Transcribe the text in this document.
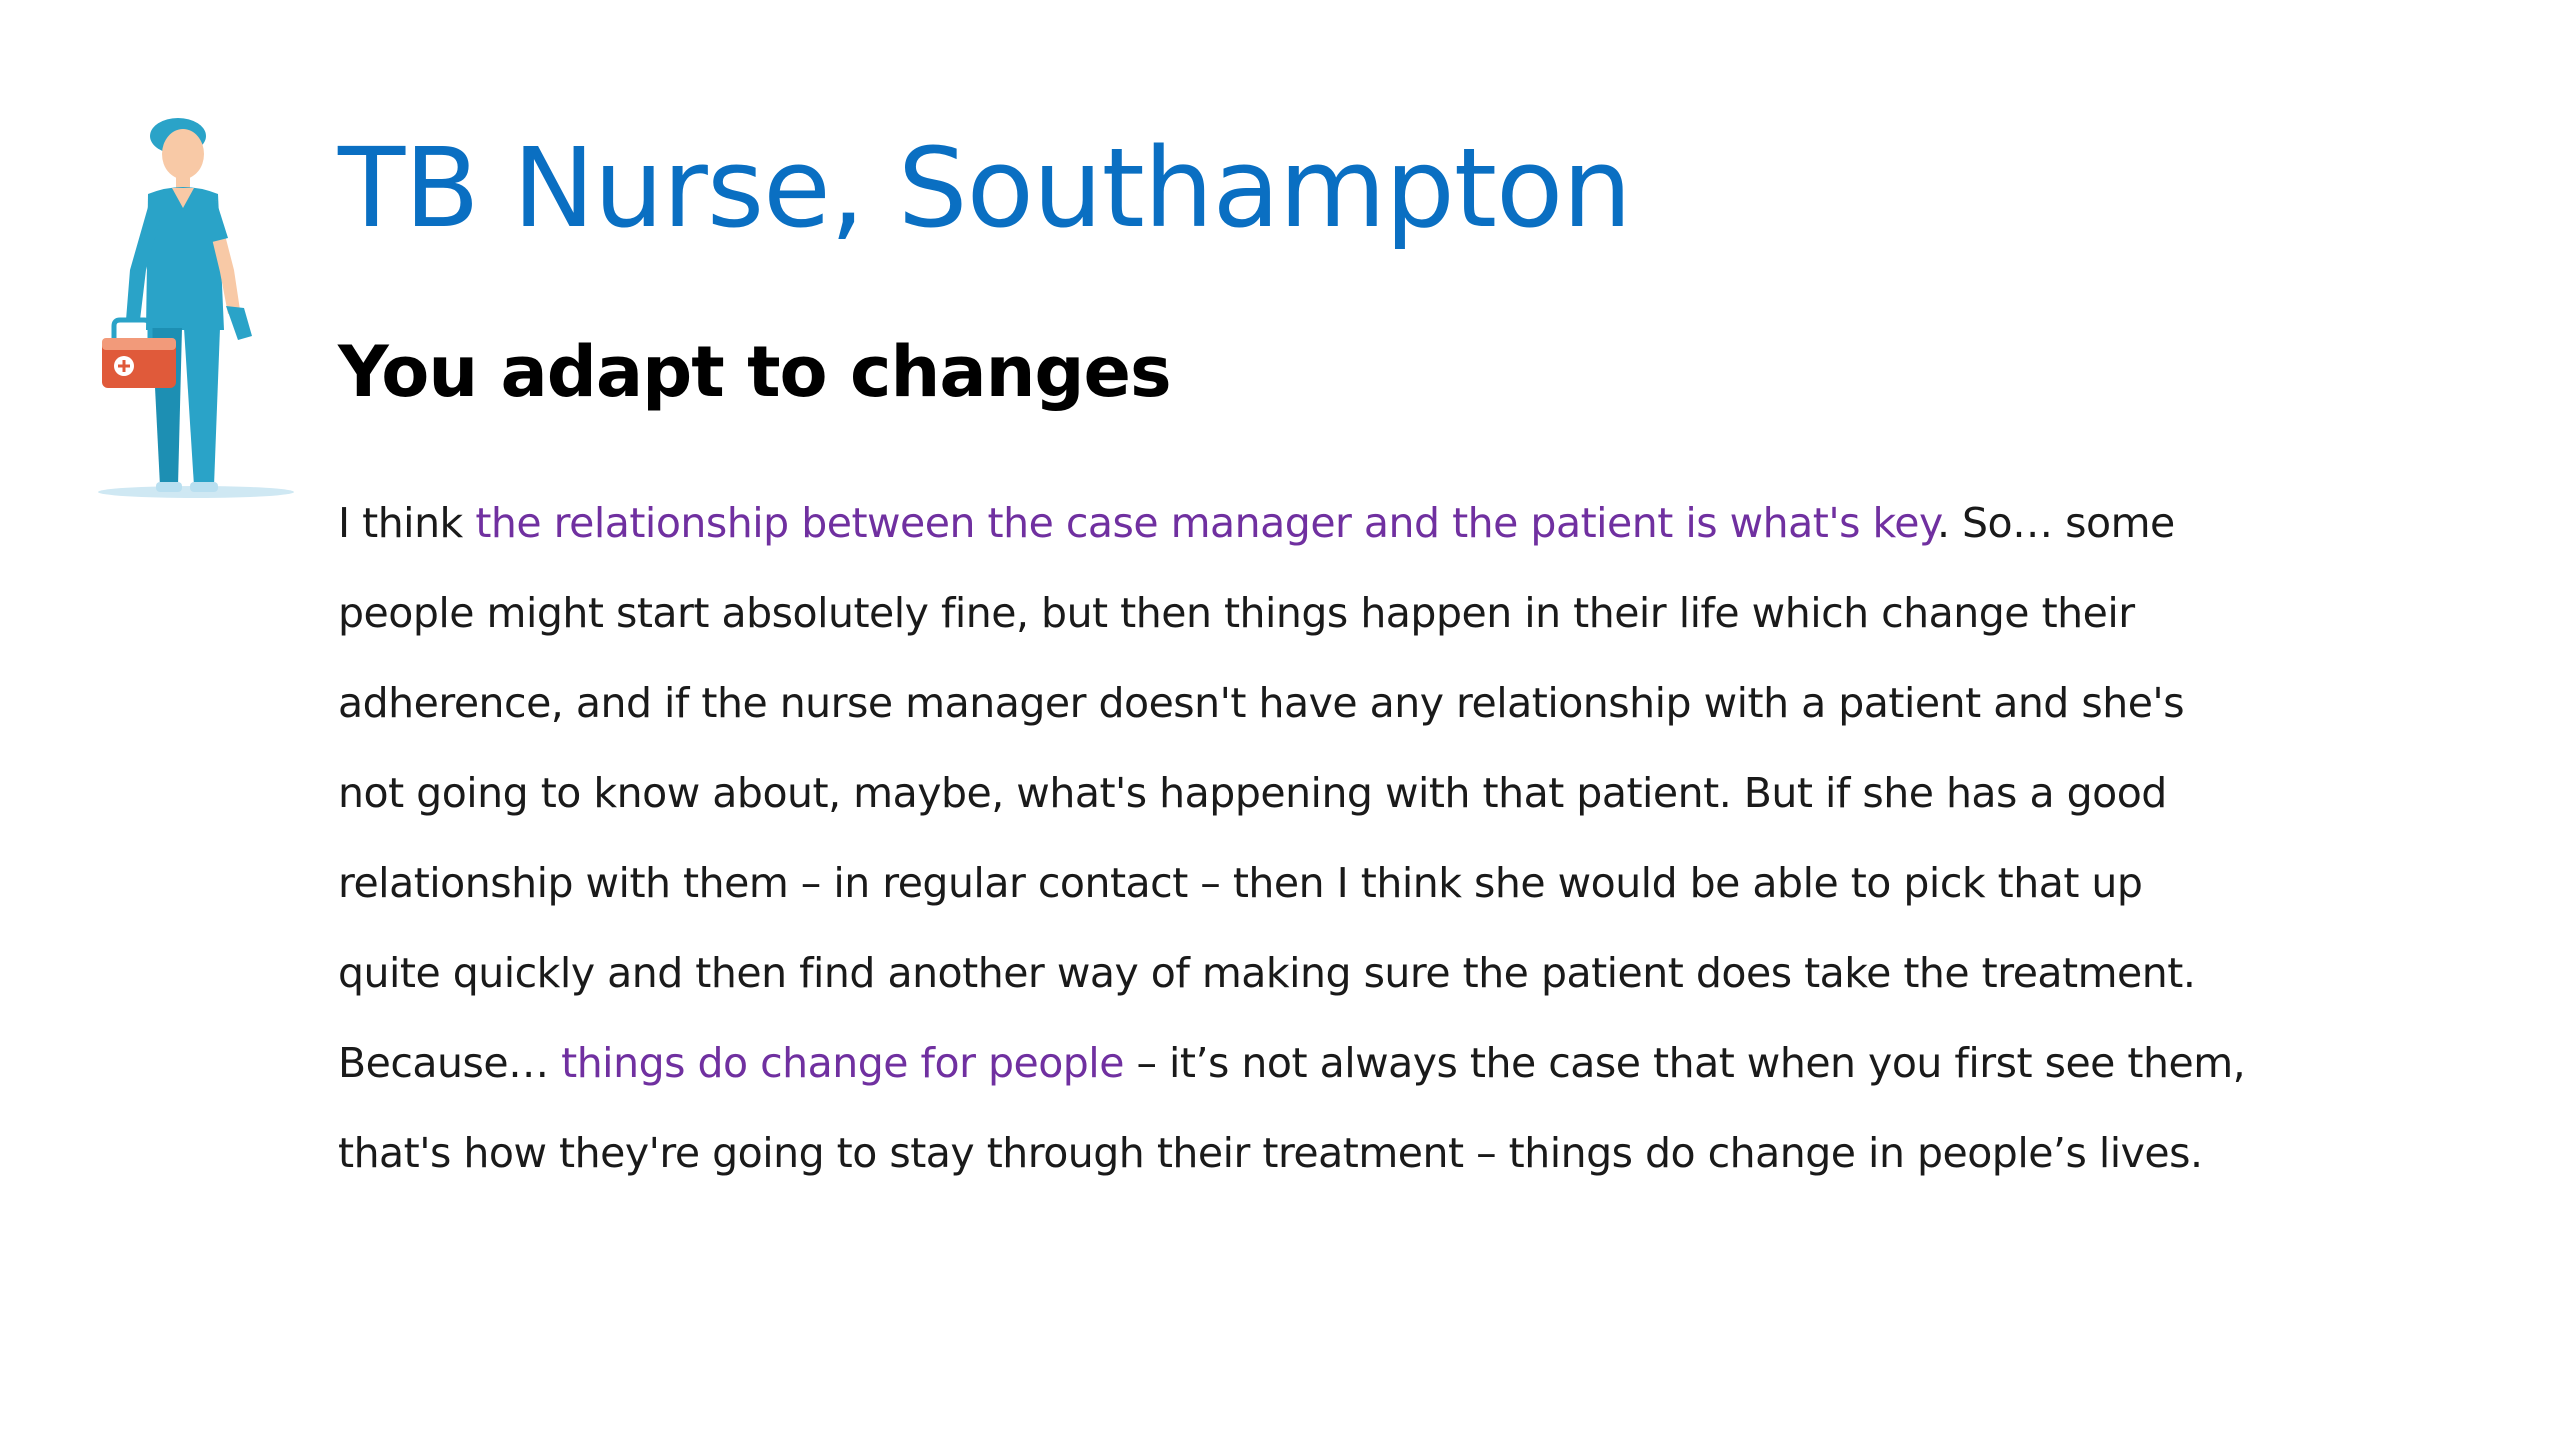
TB Nurse, Southampton
You adapt to changes

I think the relationship between the case manager and the patient is what's key. So… some
people might start absolutely fine, but then things happen in their life which change their
adherence, and if the nurse manager doesn't have any relationship with a patient and she's
not going to know about, maybe, what's happening with that patient. But if she has a good
relationship with them – in regular contact – then I think she would be able to pick that up
quite quickly and then find another way of making sure the patient does take the treatment.
Because… things do change for people – it’s not always the case that when you first see them,
that's how they're going to stay through their treatment – things do change in people’s lives.
